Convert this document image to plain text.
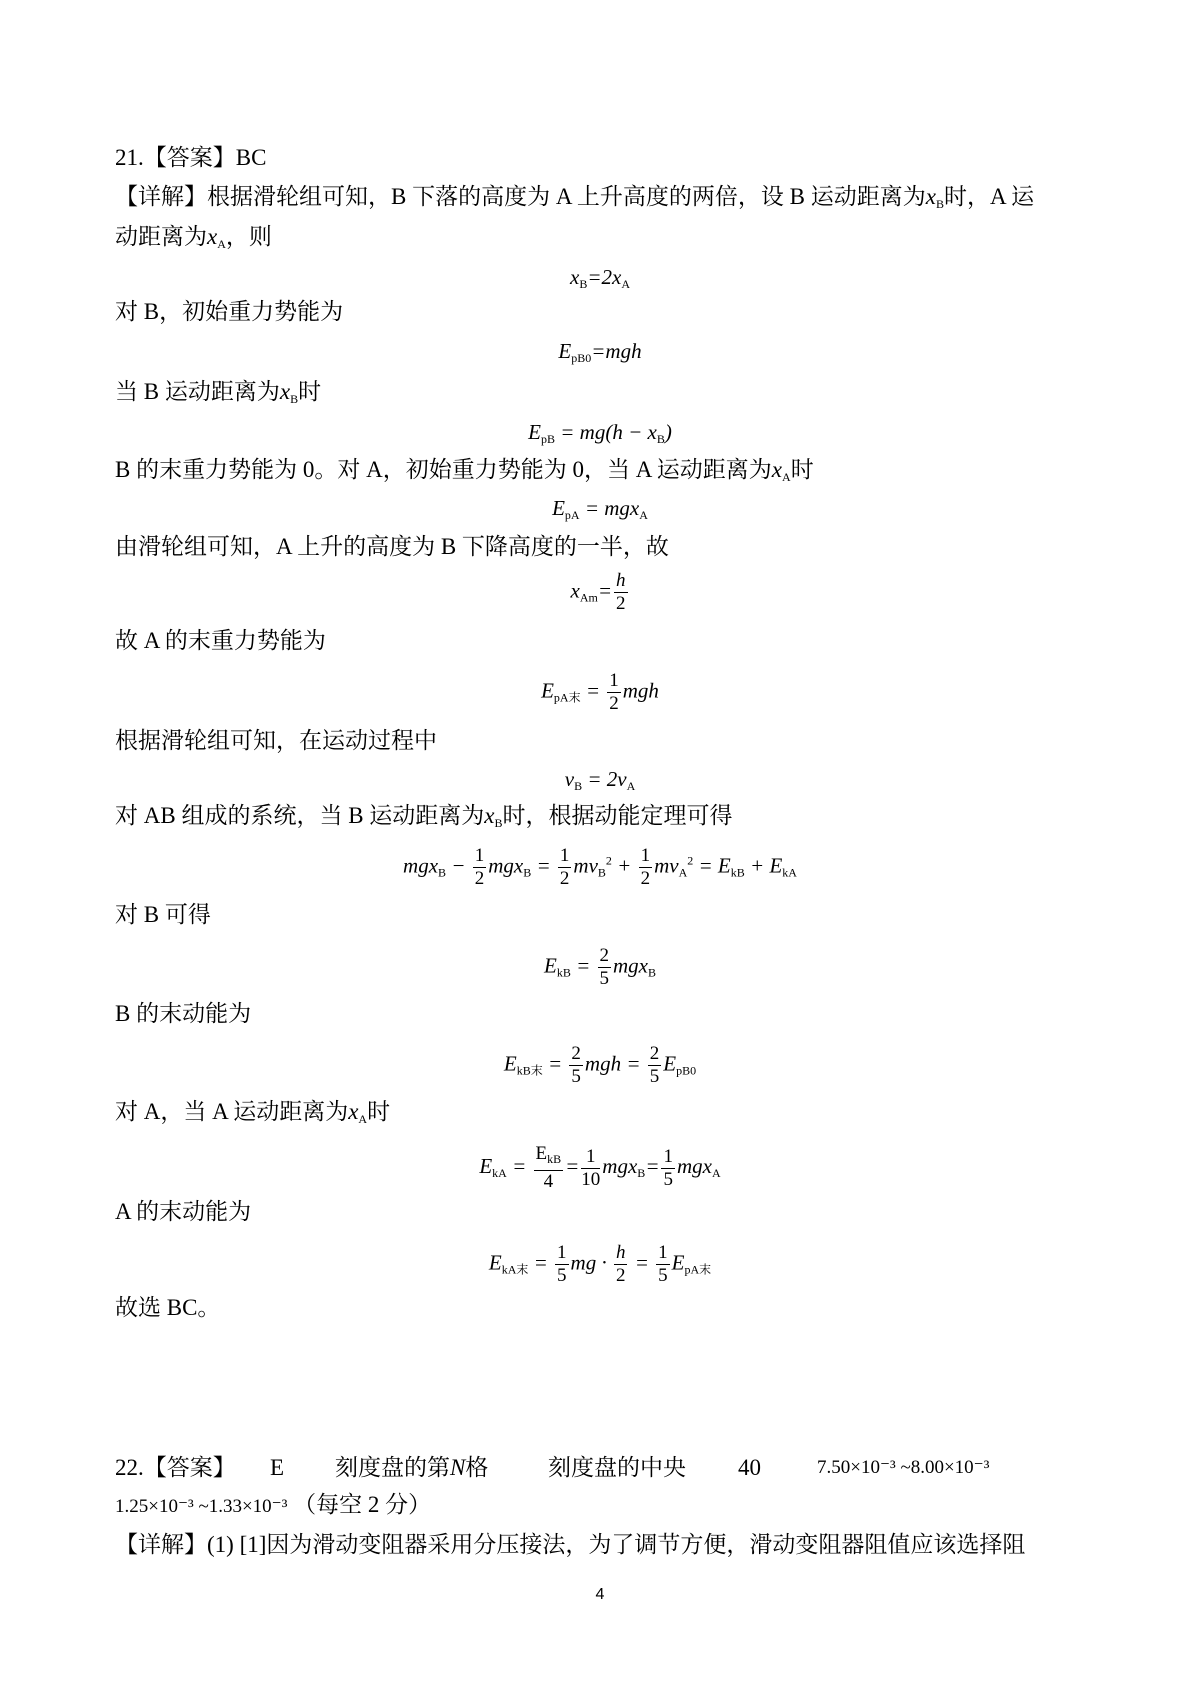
21.【答案】BC
【详解】根据滑轮组可知，B 下落的高度为 A 上升高度的两倍，设 B 运动距离为$x_B$时，A 运
动距离为$x_A$，则
$x_B=2x_A$
对 B，初始重力势能为
$E_{pB0}=mgh$
当 B 运动距离为$x_B$时
$E_{pB} = mg(h - x_B)$
B 的末重力势能为 0。对 A，初始重力势能为 0，当 A 运动距离为$x_A$时
$E_{pA} = mgx_A$
由滑轮组可知，A 上升的高度为 B 下降高度的一半，故
$x_{Am}= \frac{h}{2}$
故 A 的末重力势能为
$E_{pA末} = \frac{1}{2}$ mgh
根据滑轮组可知，在运动过程中
$v_B = 2v_A$
对 AB 组成的系统，当 B 运动距离为$x_B$时，根据动能定理可得
$mgx_B - \frac{1}{2} mgx_B = \frac{1}{2} mv_B^2 + \frac{1}{2} mv_A^2 = E_{kB} + E_{kA}$
对 B 可得
$E_{kB} = \frac{2}{5} mgx_B$
B 的末动能为
$E_{kB末} = \frac{2}{5}$ mgh = $\frac{2}{5} E_{pB0}$
对 A，当 A 运动距离为$x_A$时
$E_{kA} = \frac{E_{kB}}{4} = \frac{1}{10} mgx_B= \frac{1}{5} mgx_A$
A 的末动能为
$E_{kA末} = \frac{1}{5}$ mg · $\frac{h}{2} = \frac{1}{5} E_{pA末}$
故选 BC。
22.【答案】 E 刻度盘的第N格	刻度盘的中央 40	7.50×10⁻³ ~8.00×10⁻³
1.25×10⁻³ ~1.33×10⁻³ （每空 2 分）
【详解】(1) [1]因为滑动变阻器采用分压接法，为了调节方便，滑动变阻器阻值应该选择阻
4
